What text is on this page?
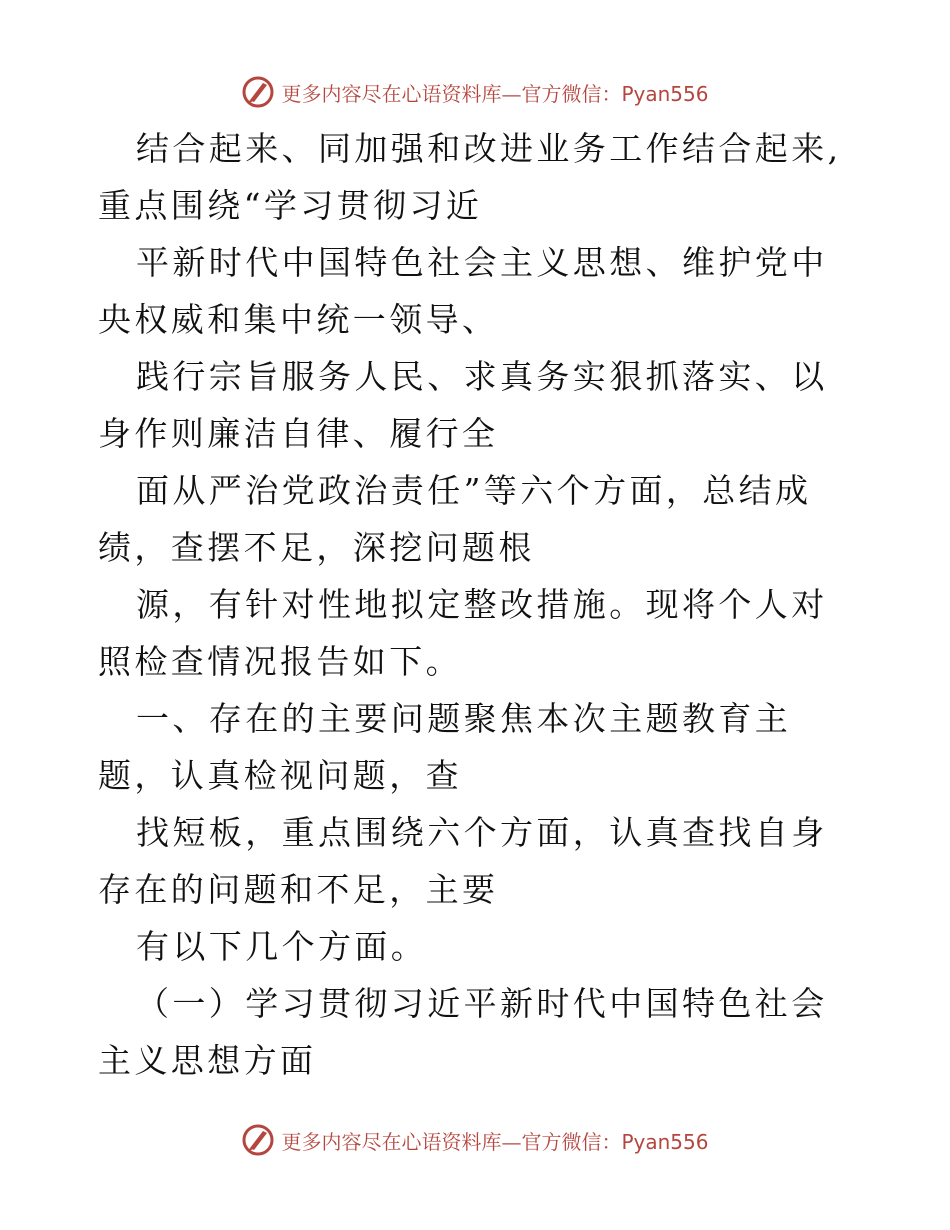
更多内容尽在心语资料库—官方微信：Pyan556

结合起来、同加强和改进业务工作结合起来,重点围绕“学习贯彻习近

平新时代中国特色社会主义思想、维护党中央权威和集中统一领导、

践行宗旨服务人民、求真务实狠抓落实、以身作则廉洁自律、履行全

面从严治党政治责任”等六个方面，总结成绩，查摆不足，深挖问题根

源，有针对性地拟定整改措施。现将个人对照检查情况报告如下。

一、存在的主要问题聚焦本次主题教育主题，认真检视问题，查

找短板，重点围绕六个方面，认真查找自身存在的问题和不足，主要

有以下几个方面。

（一）学习贯彻习近平新时代中国特色社会主义思想方面

更多内容尽在心语资料库—官方微信：Pyan556
